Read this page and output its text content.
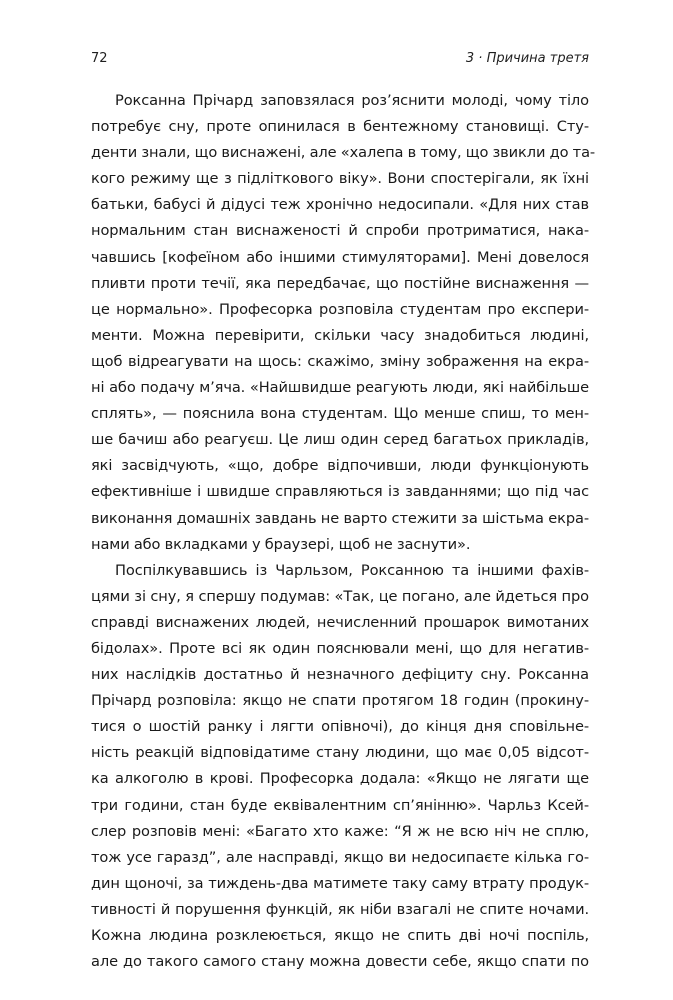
72	3 · Причина третя
Роксанна Прічард заповзялася роз’яснити молоді, чому тіло
потребує сну, проте опинилася в бентежному становищі. Сту-
денти знали, що виснажені, але «халепа в тому, що звикли до та-
кого режиму ще з підліткового віку». Вони спостерігали, як їхні
батьки, бабусі й дідусі теж хронічно недосипали. «Для них став
нормальним стан виснаженості й спроби протриматися, нака-
чавшись [кофеїном або іншими стимуляторами]. Мені довелося
пливти проти течії, яка передбачає, що постійне виснаження —
це нормально». Професорка розповіла студентам про експери-
менти. Можна перевірити, скільки часу знадобиться людині,
щоб відреагувати на щось: скажімо, зміну зображення на екра-
ні або подачу м’яча. «Найшвидше реагують люди, які найбільше
сплять», — пояснила вона студентам. Що менше спиш, то мен-
ше бачиш або реагуєш. Це лиш один серед багатьох прикладів,
які засвідчують, «що, добре відпочивши, люди функціонують
ефективніше і швидше справляються із завданнями; що під час
виконання домашніх завдань не варто стежити за шістьма екра-
нами або вкладками у браузері, щоб не заснути».
Поспілкувавшись із Чарльзом, Роксанною та іншими фахів-
цями зі сну, я спершу подумав: «Так, це погано, але йдеться про
справді виснажених людей, нечисленний прошарок вимотаних
бідолах». Проте всі як один пояснювали мені, що для негатив-
них наслідків достатньо й незначного дефіциту сну. Роксанна
Прічард розповіла: якщо не спати протягом 18 годин (прокину-
тися о шостій ранку і лягти опівночі), до кінця дня сповільне-
ність реакцій відповідатиме стану людини, що має 0,05 відсот-
ка алкоголю в крові. Професорка додала: «Якщо не лягати ще
три години, стан буде еквівалентним сп’янінню». Чарльз Ксей-
слер розповів мені: «Багато хто каже: “Я ж не всю ніч не сплю,
тож усе гаразд”, але насправді, якщо ви недосипаєте кілька го-
дин щоночі, за тиждень-два матимете таку саму втрату продук-
тивності й порушення функцій, як ніби взагалі не спите ночами.
Кожна людина розклеюється, якщо не спить дві ночі поспіль,
але до такого самого стану можна довести себе, якщо спати по
